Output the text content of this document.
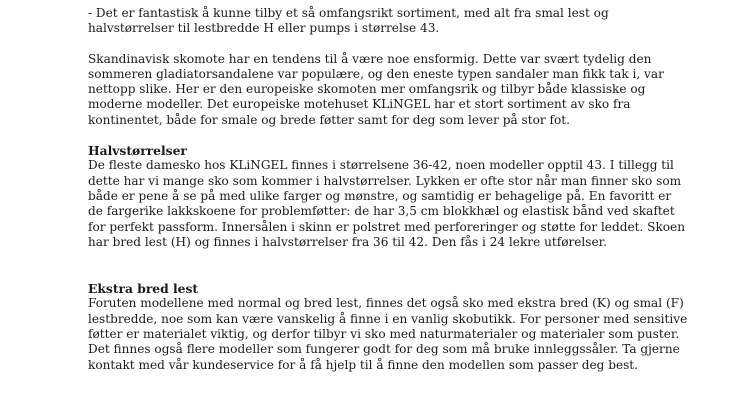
- Det er fantastisk å kunne tilby et så omfangsrikt sortiment, med alt fra smal lest og halvstørrelser til lestbredde H eller pumps i størrelse 43.

Skandinavisk skomote har en tendens til å være noe ensformig. Dette var svært tydelig den sommeren gladiatorsandalene var populære, og den eneste typen sandaler man fikk tak i, var nettopp slike. Her er den europeiske skomoten mer omfangsrik og tilbyr både klassiske og moderne modeller. Det europeiske motehuset KLiNGEL har et stort sortiment av sko fra kontinentet, både for smale og brede føtter samt for deg som lever på stor fot.

Halvstørrelser

De fleste damesko hos KLiNGEL finnes i størrelsene 36-42, noen modeller opptil 43. I tillegg til dette har vi mange sko som kommer i halvstørrelser. Lykken er ofte stor når man finner sko som både er pene å se på med ulike farger og mønstre, og samtidig er behagelige på. En favoritt er de fargerike lakkskoene for problemføtter: de har 3,5 cm blokkhæl og elastisk bånd ved skaftet for perfekt passform. Innersålen i skinn er polstret med perforeringer og støtte for leddet. Skoen har bred lest (H) og finnes i halvstørrelser fra 36 til 42. Den fås i 24 lekre utførelser.

Ekstra bred lest

Foruten modellene med normal og bred lest, finnes det også sko med ekstra bred (K) og smal (F) lestbredde, noe som kan være vanskelig å finne i en vanlig skobutikk. For personer med sensitive føtter er materialet viktig, og derfor tilbyr vi sko med naturmaterialer og materialer som puster. Det finnes også flere modeller som fungerer godt for deg som må bruke innleggssåler. Ta gjerne kontakt med vår kundeservice for å få hjelp til å finne den modellen som passer deg best.
